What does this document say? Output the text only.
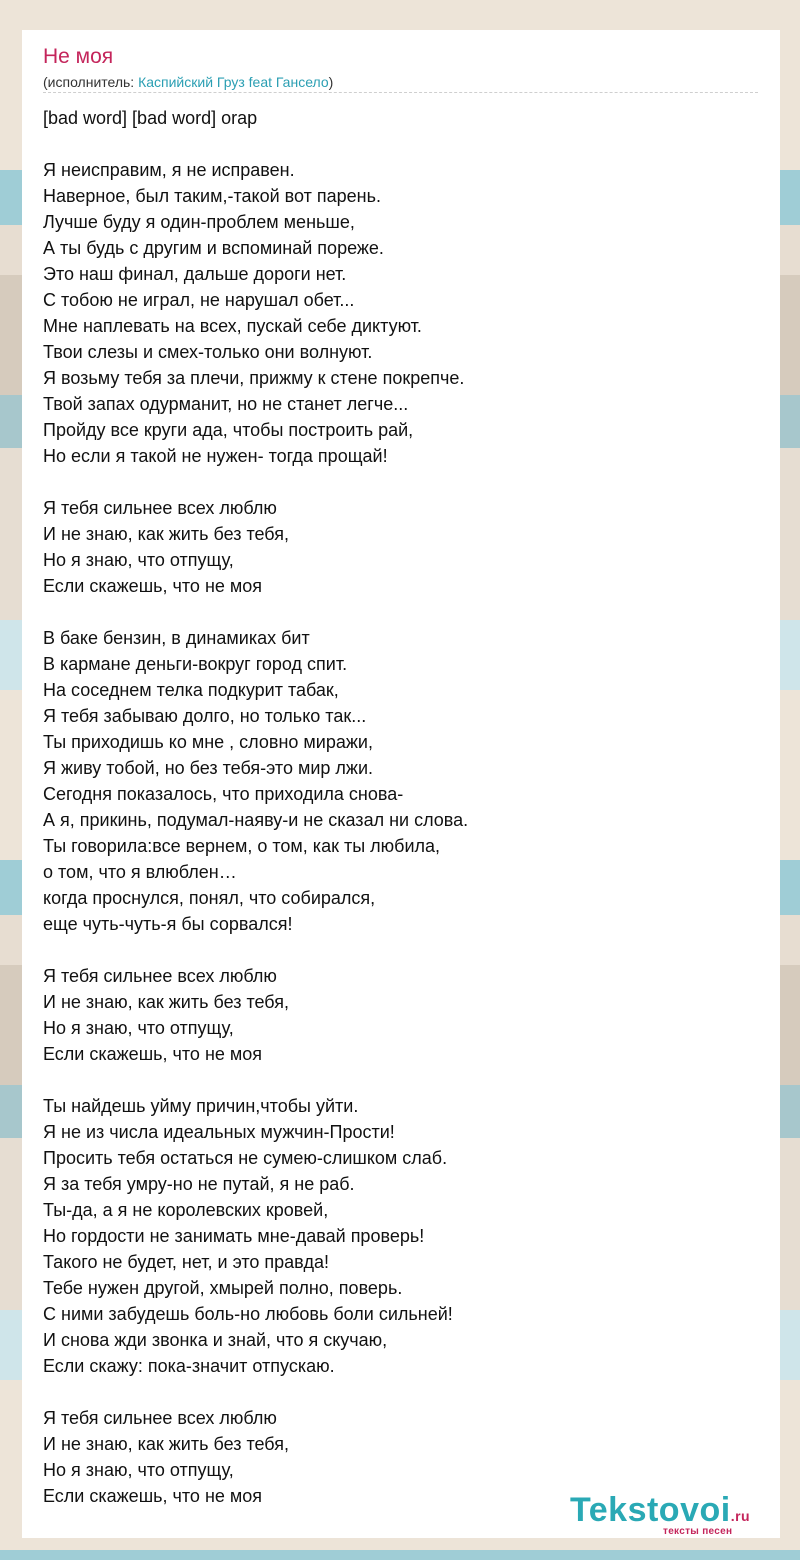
Не моя
(исполнитель: Каспийский Груз feat Гансело)
[bad word] [bad word] orap

Я неисправим, я не исправен.
Наверное, был таким,-такой вот парень.
Лучше буду я один-проблем меньше,
А ты будь с другим и вспоминай пореже.
Это наш финал, дальше дороги нет.
С тобою не играл, не нарушал обет...
Мне наплевать на всех, пускай себе диктуют.
Твои слезы и смех-только они волнуют.
Я возьму тебя за плечи, прижму к стене покрепче.
Твой запах одурманит, но не станет легче...
Пройду все круги ада, чтобы построить рай,
Но если я такой не нужен- тогда прощай!

Я тебя сильнее всех люблю
И не знаю, как жить без тебя,
Но я знаю, что отпущу,
Если скажешь, что не моя

В баке бензин, в динамиках бит
В кармане деньги-вокруг город спит.
На соседнем телка подкурит табак,
Я тебя забываю долго, но только так...
Ты приходишь ко мне , словно миражи,
Я живу тобой, но без тебя-это мир лжи.
Сегодня показалось, что приходила снова-
А я, прикинь, подумал-наяву-и не сказал ни слова.
Ты говорила:все вернем, о том, как ты любила,
о том, что я влюблен…
когда проснулся, понял, что собирался,
еще чуть-чуть-я бы сорвался!

Я тебя сильнее всех люблю
И не знаю, как жить без тебя,
Но я знаю, что отпущу,
Если скажешь, что не моя

Ты найдешь уйму причин,чтобы уйти.
Я не из числа идеальных мужчин-Прости!
Просить тебя остаться не сумею-слишком слаб.
Я за тебя умру-но не путай, я не раб.
Ты-да, а я не королевских кровей,
Но гордости не занимать мне-давай проверь!
Такого не будет, нет, и это правда!
Тебе нужен другой, хмырей полно, поверь.
С ними забудешь боль-но любовь боли сильней!
И снова жди звонка и знай, что я скучаю,
Если скажу: пока-значит отпускаю.

Я тебя сильнее всех люблю
И не знаю, как жить без тебя,
Но я знаю, что отпущу,
Если скажешь, что не моя	Tekstovoi.ru
тексты песен
